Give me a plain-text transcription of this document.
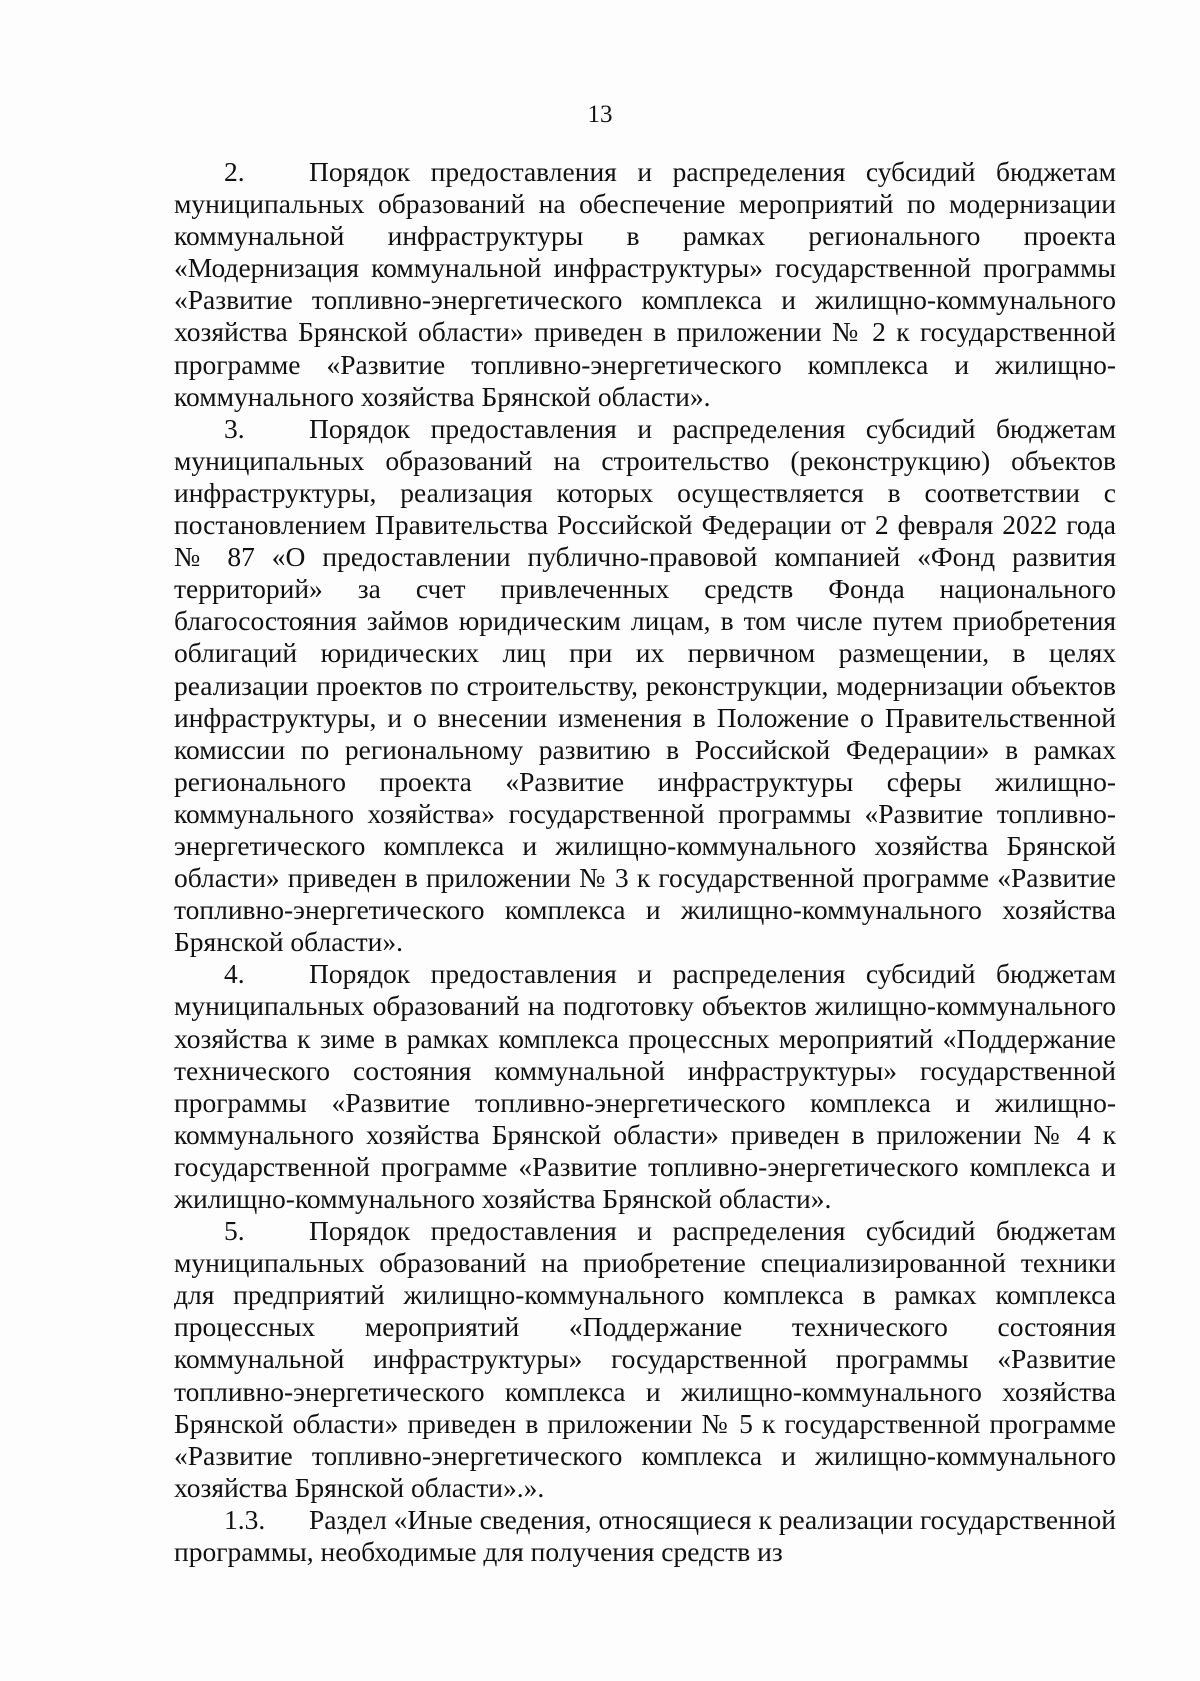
13

2. Порядок предоставления и распределения субсидий бюджетам муниципальных образований на обеспечение мероприятий по модернизации коммунальной инфраструктуры в рамках регионального проекта «Модернизация коммунальной инфраструктуры» государственной программы «Развитие топливно-энергетического комплекса и жилищно-коммунального хозяйства Брянской области» приведен в приложении № 2 к государственной программе «Развитие топливно-энергетического комплекса и жилищно-коммунального хозяйства Брянской области».

3. Порядок предоставления и распределения субсидий бюджетам муниципальных образований на строительство (реконструкцию) объектов инфраструктуры, реализация которых осуществляется в соответствии с постановлением Правительства Российской Федерации от 2 февраля 2022 года № 87 «О предоставлении публично-правовой компанией «Фонд развития территорий» за счет привлеченных средств Фонда национального благосостояния займов юридическим лицам, в том числе путем приобретения облигаций юридических лиц при их первичном размещении, в целях реализации проектов по строительству, реконструкции, модернизации объектов инфраструктуры, и о внесении изменения в Положение о Правительственной комиссии по региональному развитию в Российской Федерации» в рамках регионального проекта «Развитие инфраструктуры сферы жилищно-коммунального хозяйства» государственной программы «Развитие топливно-энергетического комплекса и жилищно-коммунального хозяйства Брянской области» приведен в приложении № 3 к государственной программе «Развитие топливно-энергетического комплекса и жилищно-коммунального хозяйства Брянской области».

4. Порядок предоставления и распределения субсидий бюджетам муниципальных образований на подготовку объектов жилищно-коммунального хозяйства к зиме в рамках комплекса процессных мероприятий «Поддержание технического состояния коммунальной инфраструктуры» государственной программы «Развитие топливно-энергетического комплекса и жилищно-коммунального хозяйства Брянской области» приведен в приложении № 4 к государственной программе «Развитие топливно-энергетического комплекса и жилищно-коммунального хозяйства Брянской области».

5. Порядок предоставления и распределения субсидий бюджетам муниципальных образований на приобретение специализированной техники для предприятий жилищно-коммунального комплекса в рамках комплекса процессных мероприятий «Поддержание технического состояния коммунальной инфраструктуры» государственной программы «Развитие топливно-энергетического комплекса и жилищно-коммунального хозяйства Брянской области» приведен в приложении № 5 к государственной программе «Развитие топливно-энергетического комплекса и жилищно-коммунального хозяйства Брянской области».».

1.3. Раздел «Иные сведения, относящиеся к реализации государственной программы, необходимые для получения средств из
